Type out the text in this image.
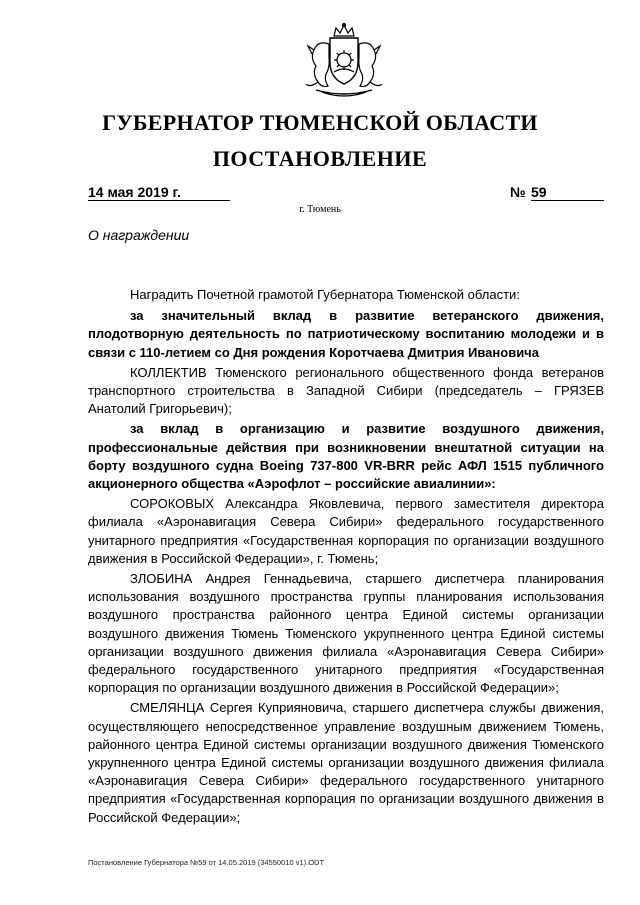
ГУБЕРНАТОР ТЮМЕНСКОЙ ОБЛАСТИ
ПОСТАНОВЛЕНИЕ
14 мая 2019 г.	№ 59
г. Тюмень
О награждении

Наградить Почетной грамотой Губернатора Тюменской области:

за значительный вклад в развитие ветеранского движения, плодотворную деятельность по патриотическому воспитанию молодежи и в связи с 110-летием со Дня рождения Коротчаева Дмитрия Ивановича

КОЛЛЕКТИВ Тюменского регионального общественного фонда ветеранов транспортного строительства в Западной Сибири (председатель – ГРЯЗЕВ Анатолий Григорьевич);

за вклад в организацию и развитие воздушного движения, профессиональные действия при возникновении внештатной ситуации на борту воздушного судна Boeing 737-800 VR-BRR рейс АФЛ 1515 публичного акционерного общества «Аэрофлот – российские авиалинии»:

СОРОКОВЫХ Александра Яковлевича, первого заместителя директора филиала «Аэронавигация Севера Сибири» федерального государственного унитарного предприятия «Государственная корпорация по организации воздушного движения в Российской Федерации», г. Тюмень;

ЗЛОБИНА Андрея Геннадьевича, старшего диспетчера планирования использования воздушного пространства группы планирования использования воздушного пространства районного центра Единой системы организации воздушного движения Тюмень Тюменского укрупненного центра Единой системы организации воздушного движения филиала «Аэронавигация Севера Сибири» федерального государственного унитарного предприятия «Государственная корпорация по организации воздушного движения в Российской Федерации»;

СМЕЛЯНЦА Сергея Куприяновича, старшего диспетчера службы движения, осуществляющего непосредственное управление воздушным движением Тюмень, районного центра Единой системы организации воздушного движения Тюменского укрупненного центра Единой системы организации воздушного движения филиала «Аэронавигация Севера Сибири» федерального государственного унитарного предприятия «Государственная корпорация по организации воздушного движения в Российской Федерации»;

Постановление Губернатора №59 от 14.05.2019 (34550010 v1).ODT
